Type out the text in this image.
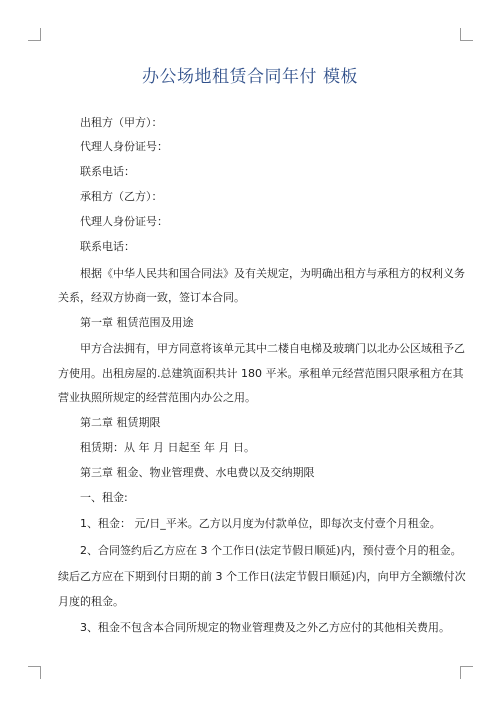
办公场地租赁合同年付 模板
出租方（甲方）：
代理人身份证号：
联系电话：
承租方（乙方）：
代理人身份证号：
联系电话：
根据《中华人民共和国合同法》及有关规定，为明确出租方与承租方的权利义务
关系，经双方协商一致，签订本合同。
第一章 租赁范围及用途
甲方合法拥有，甲方同意将该单元其中二楼自电梯及玻璃门以北办公区域租予乙
方使用。出租房屋的.总建筑面积共计 180 平米。承租单元经营范围只限承租方在其
营业执照所规定的经营范围内办公之用。
第二章 租赁期限
租赁期：从 年 月 日起至 年 月 日。
第三章 租金、物业管理费、水电费以及交纳期限
一、租金:
1、租金： 元/日_平米。乙方以月度为付款单位，即每次支付壹个月租金。
2、合同签约后乙方应在 3 个工作日(法定节假日顺延)内，预付壹个月的租金。
续后乙方应在下期到付日期的前 3 个工作日(法定节假日顺延)内，向甲方全额缴付次
月度的租金。
3、租金不包含本合同所规定的物业管理费及之外乙方应付的其他相关费用。
